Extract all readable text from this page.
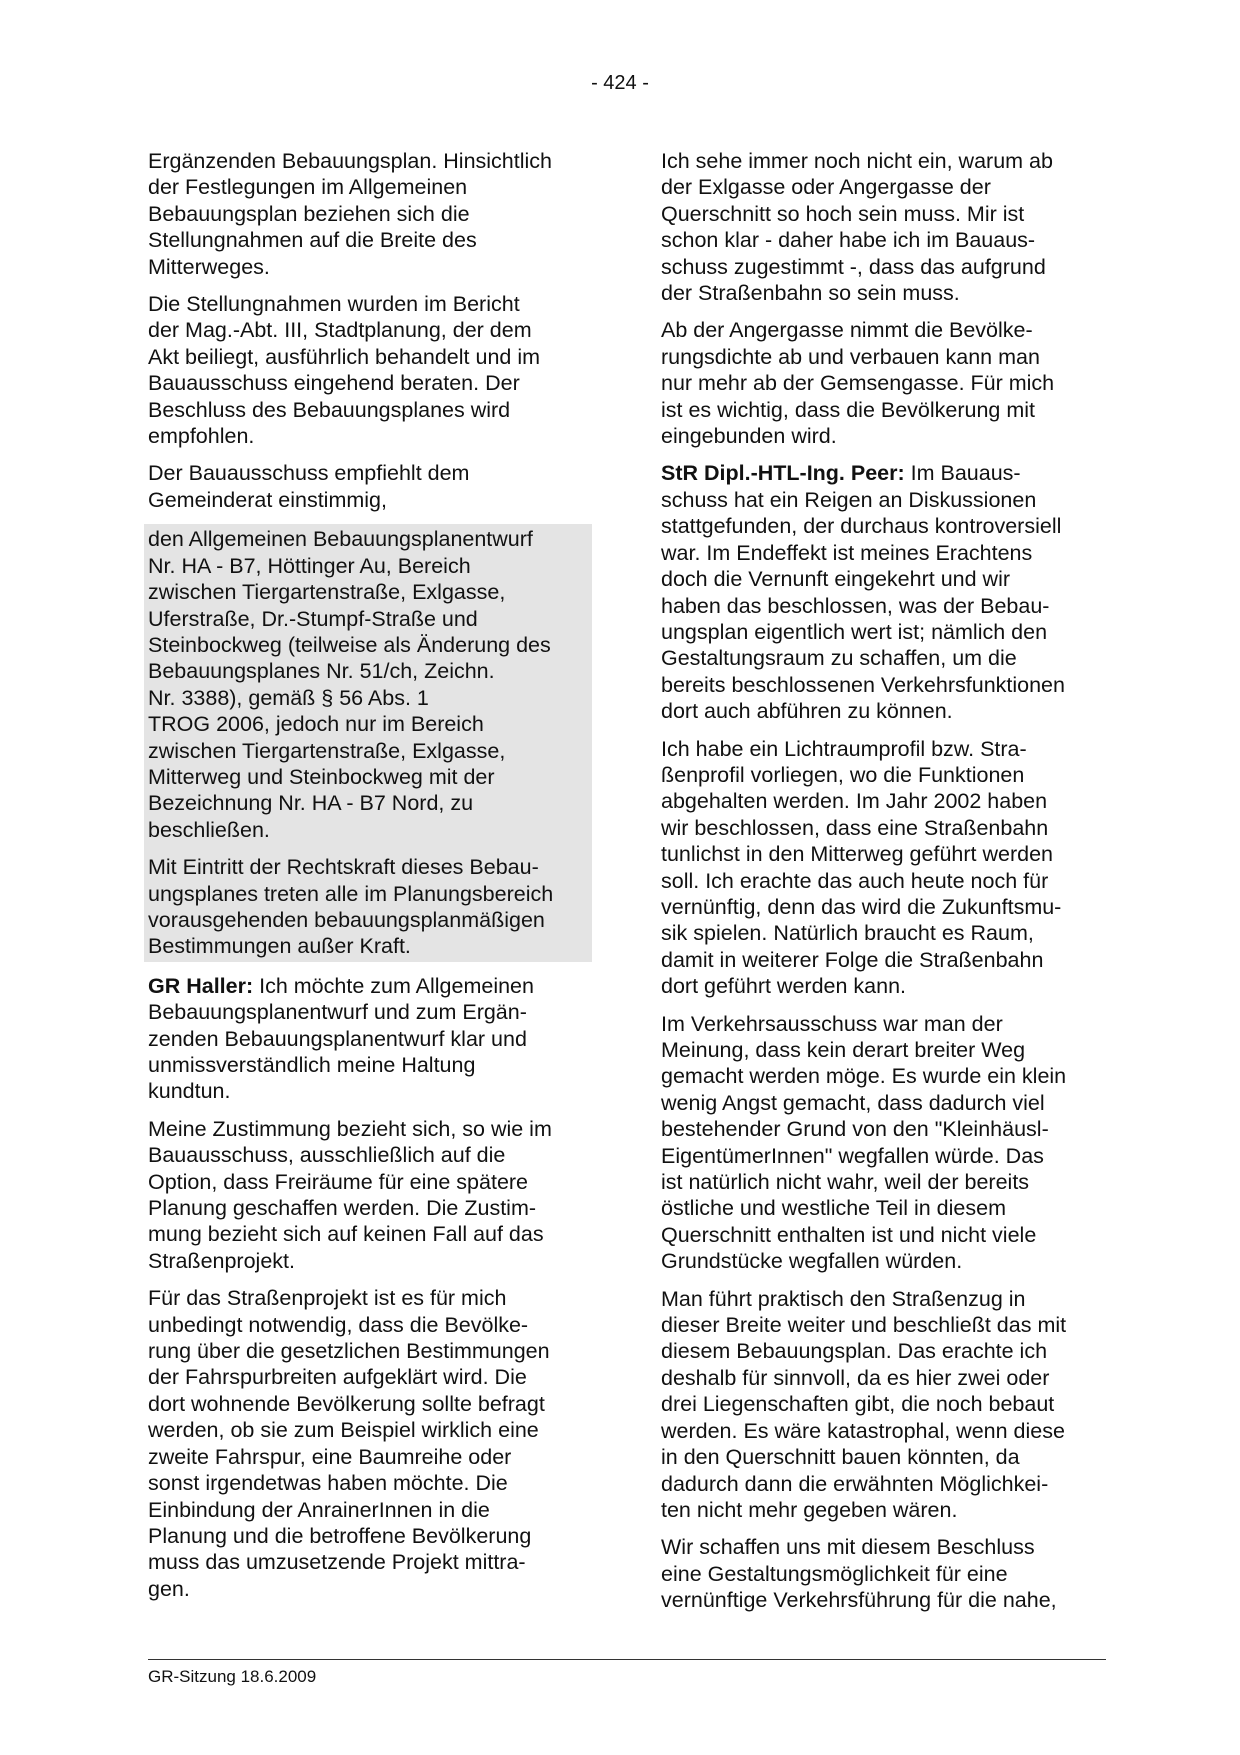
- 424 -

Ergänzenden Bebauungsplan. Hinsichtlich
der Festlegungen im Allgemeinen
Bebauungsplan beziehen sich die
Stellungnahmen auf die Breite des
Mitterweges.

Die Stellungnahmen wurden im Bericht
der Mag.-Abt. III, Stadtplanung, der dem
Akt beiliegt, ausführlich behandelt und im
Bauausschuss eingehend beraten. Der
Beschluss des Bebauungsplanes wird
empfohlen.

Der Bauausschuss empfiehlt dem
Gemeinderat einstimmig,

den Allgemeinen Bebauungsplanentwurf
Nr. HA - B7, Höttinger Au, Bereich
zwischen Tiergartenstraße, Exlgasse,
Uferstraße, Dr.-Stumpf-Straße und
Steinbockweg (teilweise als Änderung des
Bebauungsplanes Nr. 51/ch, Zeichn.
Nr. 3388), gemäß § 56 Abs. 1
TROG 2006, jedoch nur im Bereich
zwischen Tiergartenstraße, Exlgasse,
Mitterweg und Steinbockweg mit der
Bezeichnung Nr. HA - B7 Nord, zu
beschließen.

Mit Eintritt der Rechtskraft dieses Bebau-
ungsplanes treten alle im Planungsbereich
vorausgehenden bebauungsplanmäßigen
Bestimmungen außer Kraft.

GR Haller: Ich möchte zum Allgemeinen
Bebauungsplanentwurf und zum Ergän-
zenden Bebauungsplanentwurf klar und
unmissverständlich meine Haltung
kundtun.

Meine Zustimmung bezieht sich, so wie im
Bauausschuss, ausschließlich auf die
Option, dass Freiräume für eine spätere
Planung geschaffen werden. Die Zustim-
mung bezieht sich auf keinen Fall auf das
Straßenprojekt.

Für das Straßenprojekt ist es für mich
unbedingt notwendig, dass die Bevölke-
rung über die gesetzlichen Bestimmungen
der Fahrspurbreiten aufgeklärt wird. Die
dort wohnende Bevölkerung sollte befragt
werden, ob sie zum Beispiel wirklich eine
zweite Fahrspur, eine Baumreihe oder
sonst irgendetwas haben möchte. Die
Einbindung der AnrainerInnen in die
Planung und die betroffene Bevölkerung
muss das umzusetzende Projekt mittra-
gen.

Ich sehe immer noch nicht ein, warum ab
der Exlgasse oder Angergasse der
Querschnitt so hoch sein muss. Mir ist
schon klar - daher habe ich im Bauaus-
schuss zugestimmt -, dass das aufgrund
der Straßenbahn so sein muss.

Ab der Angergasse nimmt die Bevölke-
rungsdichte ab und verbauen kann man
nur mehr ab der Gemsengasse. Für mich
ist es wichtig, dass die Bevölkerung mit
eingebunden wird.

StR Dipl.-HTL-Ing. Peer: Im Bauaus-
schuss hat ein Reigen an Diskussionen
stattgefunden, der durchaus kontroversiell
war. Im Endeffekt ist meines Erachtens
doch die Vernunft eingekehrt und wir
haben das beschlossen, was der Bebau-
ungsplan eigentlich wert ist; nämlich den
Gestaltungsraum zu schaffen, um die
bereits beschlossenen Verkehrsfunktionen
dort auch abführen zu können.

Ich habe ein Lichtraumprofil bzw. Stra-
ßenprofil vorliegen, wo die Funktionen
abgehalten werden. Im Jahr 2002 haben
wir beschlossen, dass eine Straßenbahn
tunlichst in den Mitterweg geführt werden
soll. Ich erachte das auch heute noch für
vernünftig, denn das wird die Zukunftsmu-
sik spielen. Natürlich braucht es Raum,
damit in weiterer Folge die Straßenbahn
dort geführt werden kann.

Im Verkehrsausschuss war man der
Meinung, dass kein derart breiter Weg
gemacht werden möge. Es wurde ein klein
wenig Angst gemacht, dass dadurch viel
bestehender Grund von den "Kleinhäusl-
EigentümerInnen" wegfallen würde. Das
ist natürlich nicht wahr, weil der bereits
östliche und westliche Teil in diesem
Querschnitt enthalten ist und nicht viele
Grundstücke wegfallen würden.

Man führt praktisch den Straßenzug in
dieser Breite weiter und beschließt das mit
diesem Bebauungsplan. Das erachte ich
deshalb für sinnvoll, da es hier zwei oder
drei Liegenschaften gibt, die noch bebaut
werden. Es wäre katastrophal, wenn diese
in den Querschnitt bauen könnten, da
dadurch dann die erwähnten Möglichkei-
ten nicht mehr gegeben wären.

Wir schaffen uns mit diesem Beschluss
eine Gestaltungsmöglichkeit für eine
vernünftige Verkehrsführung für die nahe,

GR-Sitzung 18.6.2009
